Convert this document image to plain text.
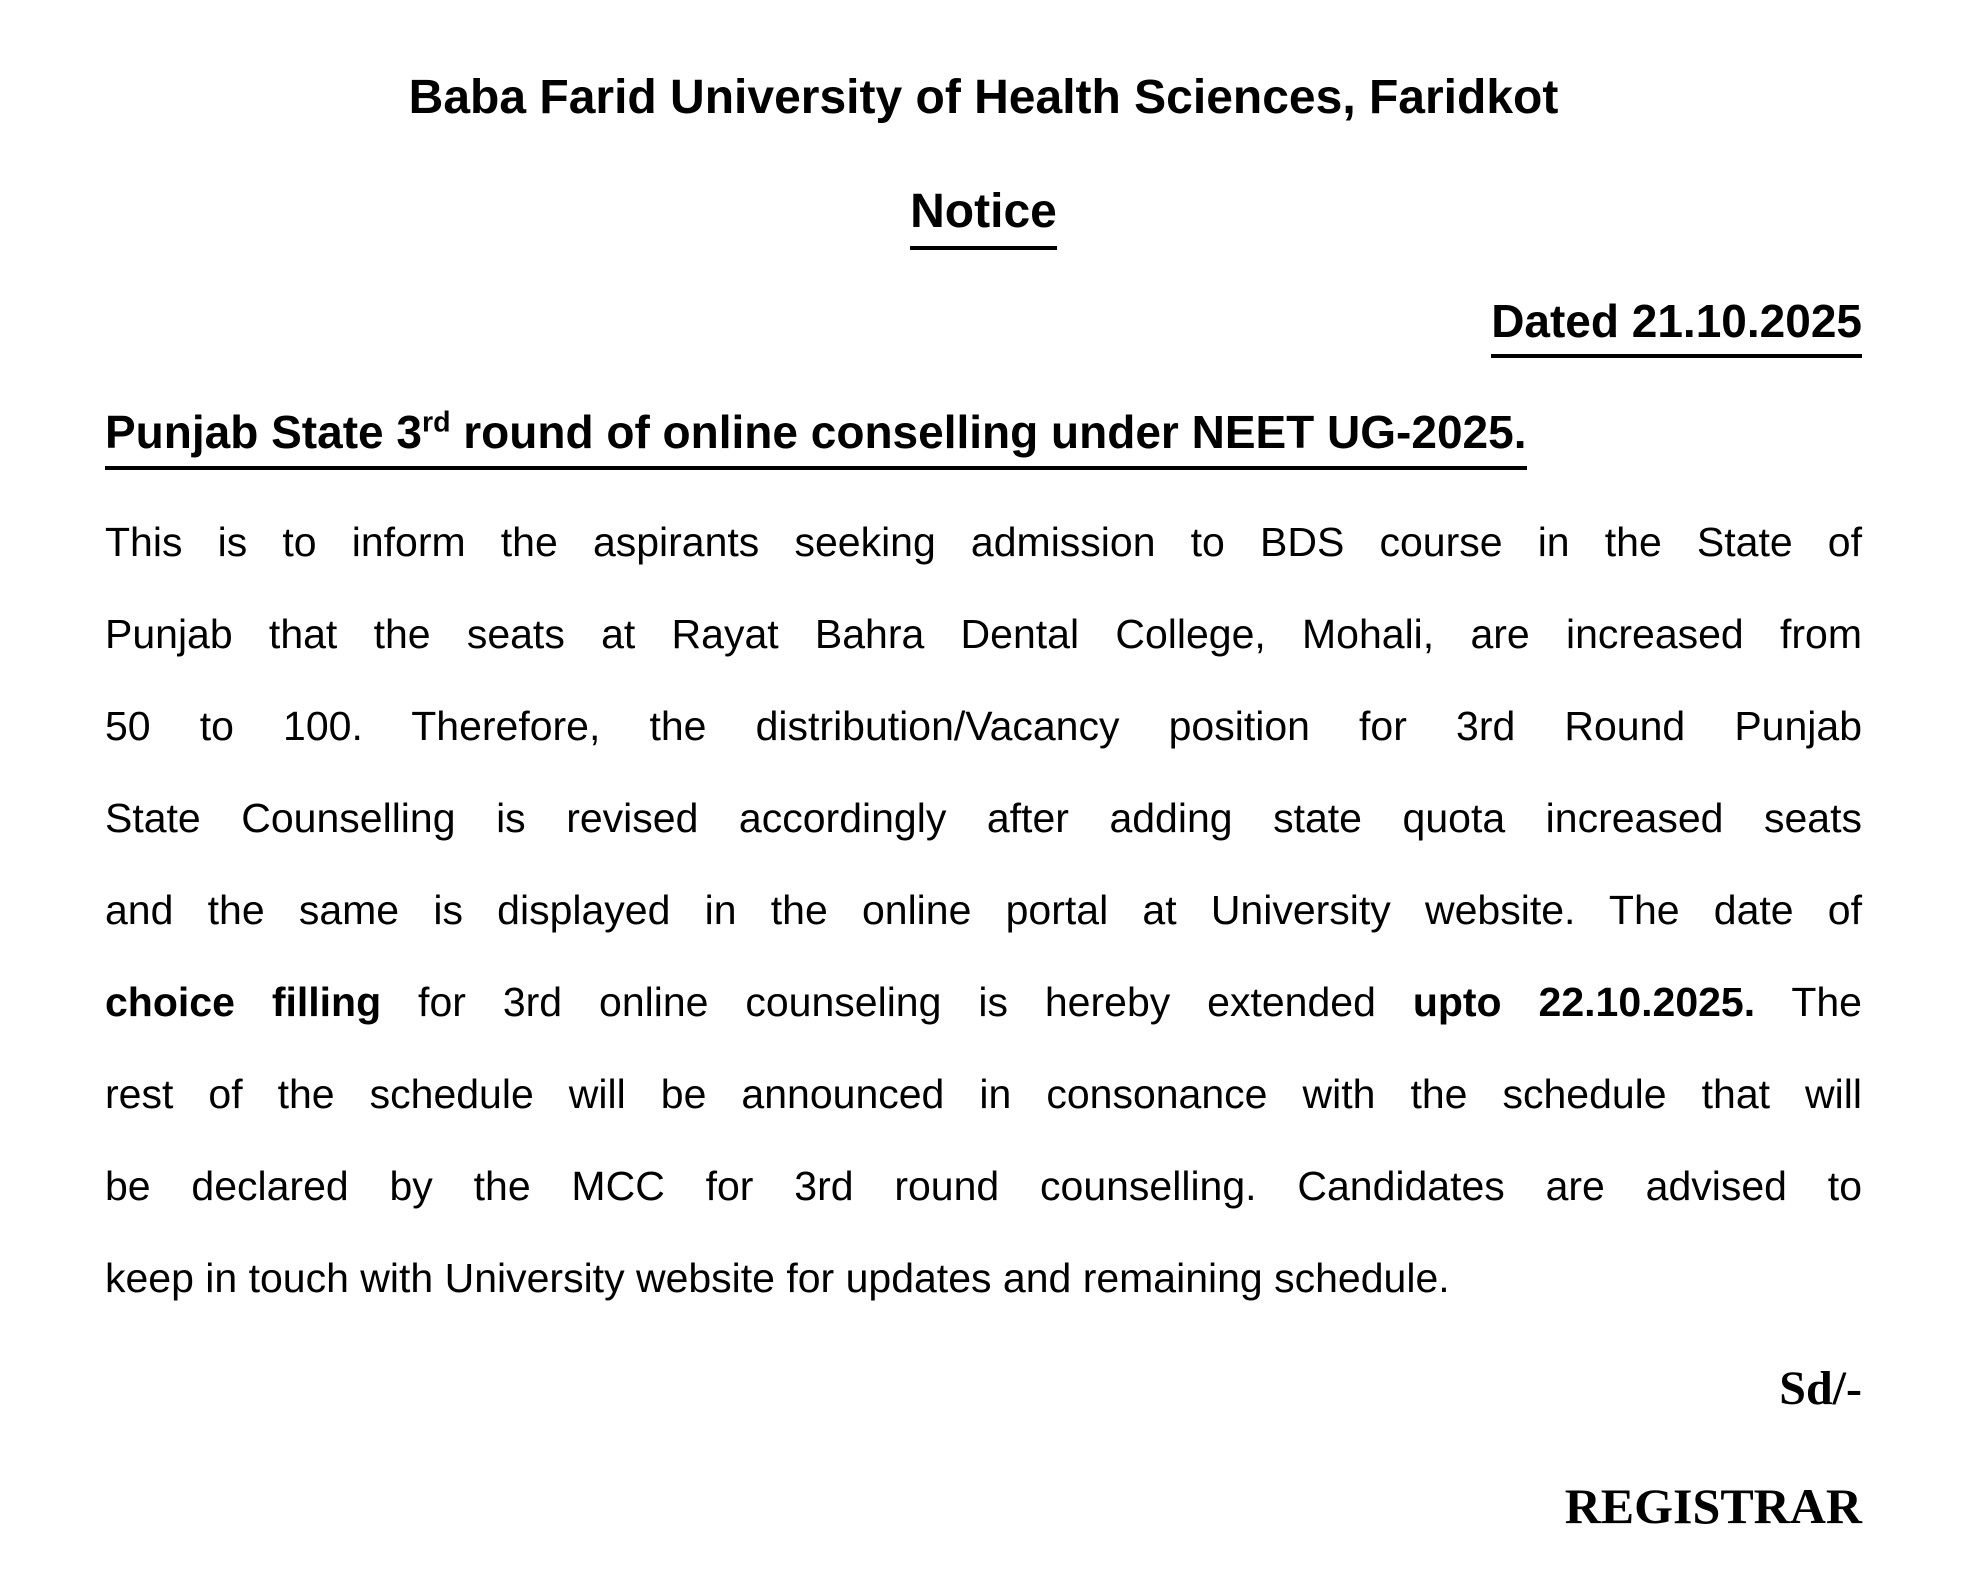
Baba Farid University of Health Sciences, Faridkot
Notice
Dated 21.10.2025
Punjab State 3rd round of online conselling under NEET UG-2025.
This is to inform the aspirants seeking admission to BDS course in the State of
Punjab that the seats at Rayat Bahra Dental College, Mohali, are increased from
50 to 100. Therefore, the distribution/Vacancy position for 3rd Round Punjab
State Counselling is revised accordingly after adding state quota increased seats
and the same is displayed in the online portal at University website. The date of
choice filling for 3rd online counseling is hereby extended upto 22.10.2025. The
rest of the schedule will be announced in consonance with the schedule that will
be declared by the MCC for 3rd round counselling. Candidates are advised to
keep in touch with University website for updates and remaining schedule.
Sd/-
REGISTRAR
